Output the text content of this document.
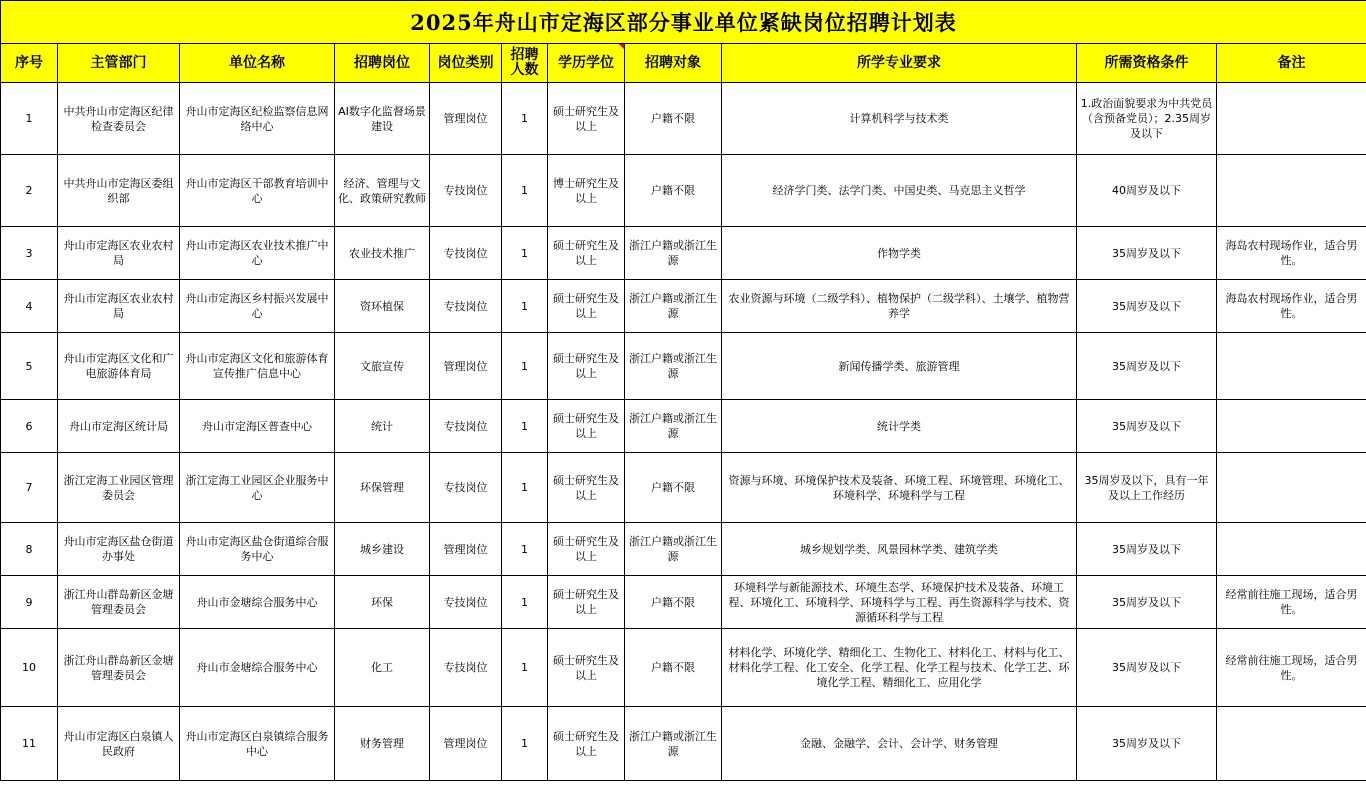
2025年舟山市定海区部分事业单位紧缺岗位招聘计划表										
序号	主管部门	单位名称	招聘岗位	岗位类别	招聘人数	学历学位	招聘对象	所学专业要求	所需资格条件	备注
1	中共舟山市定海区纪律检查委员会	舟山市定海区纪检监察信息网络中心	AI数字化监督场景建设	管理岗位	1	硕士研究生及以上	户籍不限	计算机科学与技术类	1.政治面貌要求为中共党员（含预备党员）；2.35周岁及以下	
2	中共舟山市定海区委组织部	舟山市定海区干部教育培训中心	经济、管理与文化、政策研究教师	专技岗位	1	博士研究生及以上	户籍不限	经济学门类、法学门类、中国史类、马克思主义哲学	40周岁及以下	
3	舟山市定海区农业农村局	舟山市定海区农业技术推广中心	农业技术推广	专技岗位	1	硕士研究生及以上	浙江户籍或浙江生源	作物学类	35周岁及以下	海岛农村现场作业，适合男性。
4	舟山市定海区农业农村局	舟山市定海区乡村振兴发展中心	资环植保	专技岗位	1	硕士研究生及以上	浙江户籍或浙江生源	农业资源与环境（二级学科）、植物保护（二级学科）、土壤学、植物营养学	35周岁及以下	海岛农村现场作业，适合男性。
5	舟山市定海区文化和广电旅游体育局	舟山市定海区文化和旅游体育宣传推广信息中心	文旅宣传	管理岗位	1	硕士研究生及以上	浙江户籍或浙江生源	新闻传播学类、旅游管理	35周岁及以下	
6	舟山市定海区统计局	舟山市定海区普查中心	统计	专技岗位	1	硕士研究生及以上	浙江户籍或浙江生源	统计学类	35周岁及以下	
7	浙江定海工业园区管理委员会	浙江定海工业园区企业服务中心	环保管理	专技岗位	1	硕士研究生及以上	户籍不限	资源与环境、环境保护技术及装备、环境工程、环境管理、环境化工、环境科学、环境科学与工程	35周岁及以下，具有一年及以上工作经历	
8	舟山市定海区盐仓街道办事处	舟山市定海区盐仓街道综合服务中心	城乡建设	管理岗位	1	硕士研究生及以上	浙江户籍或浙江生源	城乡规划学类、风景园林学类、建筑学类	35周岁及以下	
9	浙江舟山群岛新区金塘管理委员会	舟山市金塘综合服务中心	环保	专技岗位	1	硕士研究生及以上	户籍不限	环境科学与新能源技术、环境生态学、环境保护技术及装备、环境工程、环境化工、环境科学、环境科学与工程、再生资源科学与技术、资源循环科学与工程	35周岁及以下	经常前往施工现场，适合男性。
10	浙江舟山群岛新区金塘管理委员会	舟山市金塘综合服务中心	化工	专技岗位	1	硕士研究生及以上	户籍不限	材料化学、环境化学、精细化工、生物化工、材料化工、材料与化工、材料化学工程、化工安全、化学工程、化学工程与技术、化学工艺、环境化学工程、精细化工、应用化学	35周岁及以下	经常前往施工现场，适合男性。
11	舟山市定海区白泉镇人民政府	舟山市定海区白泉镇综合服务中心	财务管理	管理岗位	1	硕士研究生及以上	浙江户籍或浙江生源	金融、金融学、会计、会计学、财务管理	35周岁及以下	
